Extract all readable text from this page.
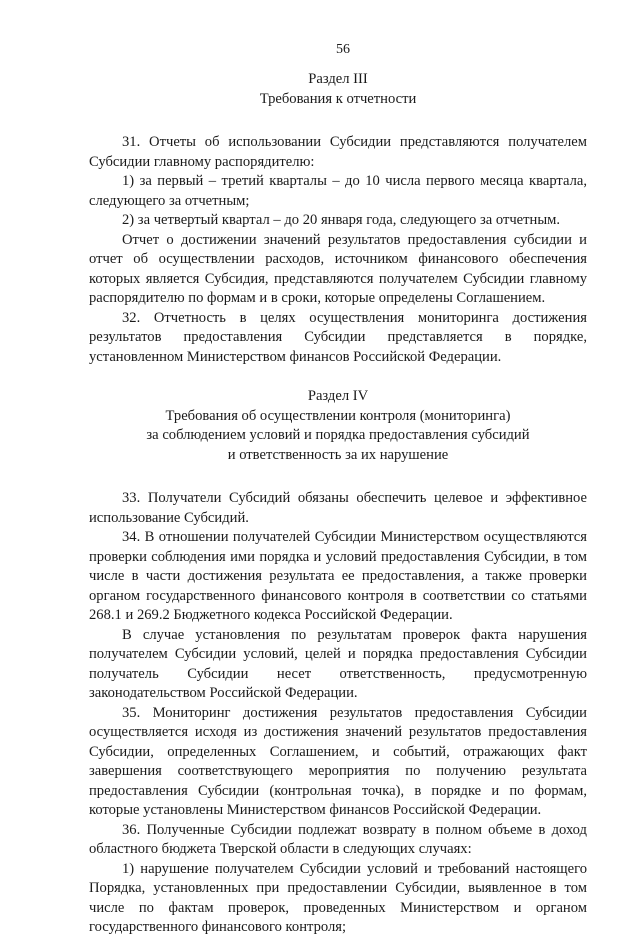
56
Раздел III
Требования к отчетности

31. Отчеты об использовании Субсидии представляются получателем Субсидии главному распорядителю:

1) за первый – третий кварталы – до 10 числа первого месяца квартала, следующего за отчетным;

2) за четвертый квартал – до 20 января года, следующего за отчетным.

Отчет о достижении значений результатов предоставления субсидии и отчет об осуществлении расходов, источником финансового обеспечения которых является Субсидия, представляются получателем Субсидии главному распорядителю по формам и в сроки, которые определены Соглашением.

32. Отчетность в целях осуществления мониторинга достижения результатов предоставления Субсидии представляется в порядке, установленном Министерством финансов Российской Федерации.

Раздел IV
Требования об осуществлении контроля (мониторинга)
за соблюдением условий и порядка предоставления субсидий
и ответственность за их нарушение

33. Получатели Субсидий обязаны обеспечить целевое и эффективное использование Субсидий.

34. В отношении получателей Субсидии Министерством осуществляются проверки соблюдения ими порядка и условий предоставления Субсидии, в том числе в части достижения результата ее предоставления, а также проверки органом государственного финансового контроля в соответствии со статьями 268.1 и 269.2 Бюджетного кодекса Российской Федерации.

В случае установления по результатам проверок факта нарушения получателем Субсидии условий, целей и порядка предоставления Субсидии получатель Субсидии несет ответственность, предусмотренную законодательством Российской Федерации.

35. Мониторинг достижения результатов предоставления Субсидии осуществляется исходя из достижения значений результатов предоставления Субсидии, определенных Соглашением, и событий, отражающих факт завершения соответствующего мероприятия по получению результата предоставления Субсидии (контрольная точка), в порядке и по формам, которые установлены Министерством финансов Российской Федерации.

36. Полученные Субсидии подлежат возврату в полном объеме в доход областного бюджета Тверской области в следующих случаях:

1) нарушение получателем Субсидии условий и требований настоящего Порядка, установленных при предоставлении Субсидии, выявленное в том числе по фактам проверок, проведенных Министерством и органом государственного финансового контроля;
